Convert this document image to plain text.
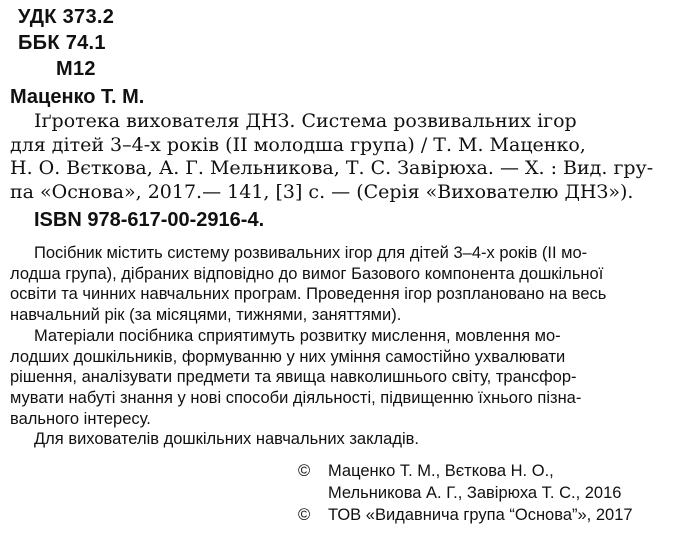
УДК 373.2
ББК 74.1
М12
Маценко Т. М.
Іґротека вихователя ДНЗ. Система розвивальних ігор
для дітей 3–4-х років (ІІ молодша група) / Т. М. Маценко,
Н. О. Вєткова, А. Г. Мельникова, Т. С. Завірюха. — Х. : Вид. гру-
па «Основа», 2017.— 141, [3] с. — (Серія «Вихователю ДНЗ»).
ISBN 978-617-00-2916-4.
Посібник містить систему розвивальних ігор для дітей 3–4-х років (ІІ мо-
лодша група), дібраних відповідно до вимог Базового компонента дошкільної
освіти та чинних навчальних програм. Проведення ігор розплановано на весь
навчальний рік (за місяцями, тижнями, заняттями).
Матеріали посібника сприятимуть розвитку мислення, мовлення мо-
лодших дошкільників, формуванню у них уміння самостійно ухвалювати
рішення, аналізувати предмети та явища навколишнього світу, трансфор-
мувати набуті знання у нові способи діяльності, підвищенню їхнього пізна-
вального інтересу.
Для вихователів дошкільних навчальних закладів.
©	Маценко Т. М., Вєткова Н. О.,
Мельникова А. Г., Завірюха Т. С., 2016
©	ТОВ «Видавнича група “Основа”», 2017
